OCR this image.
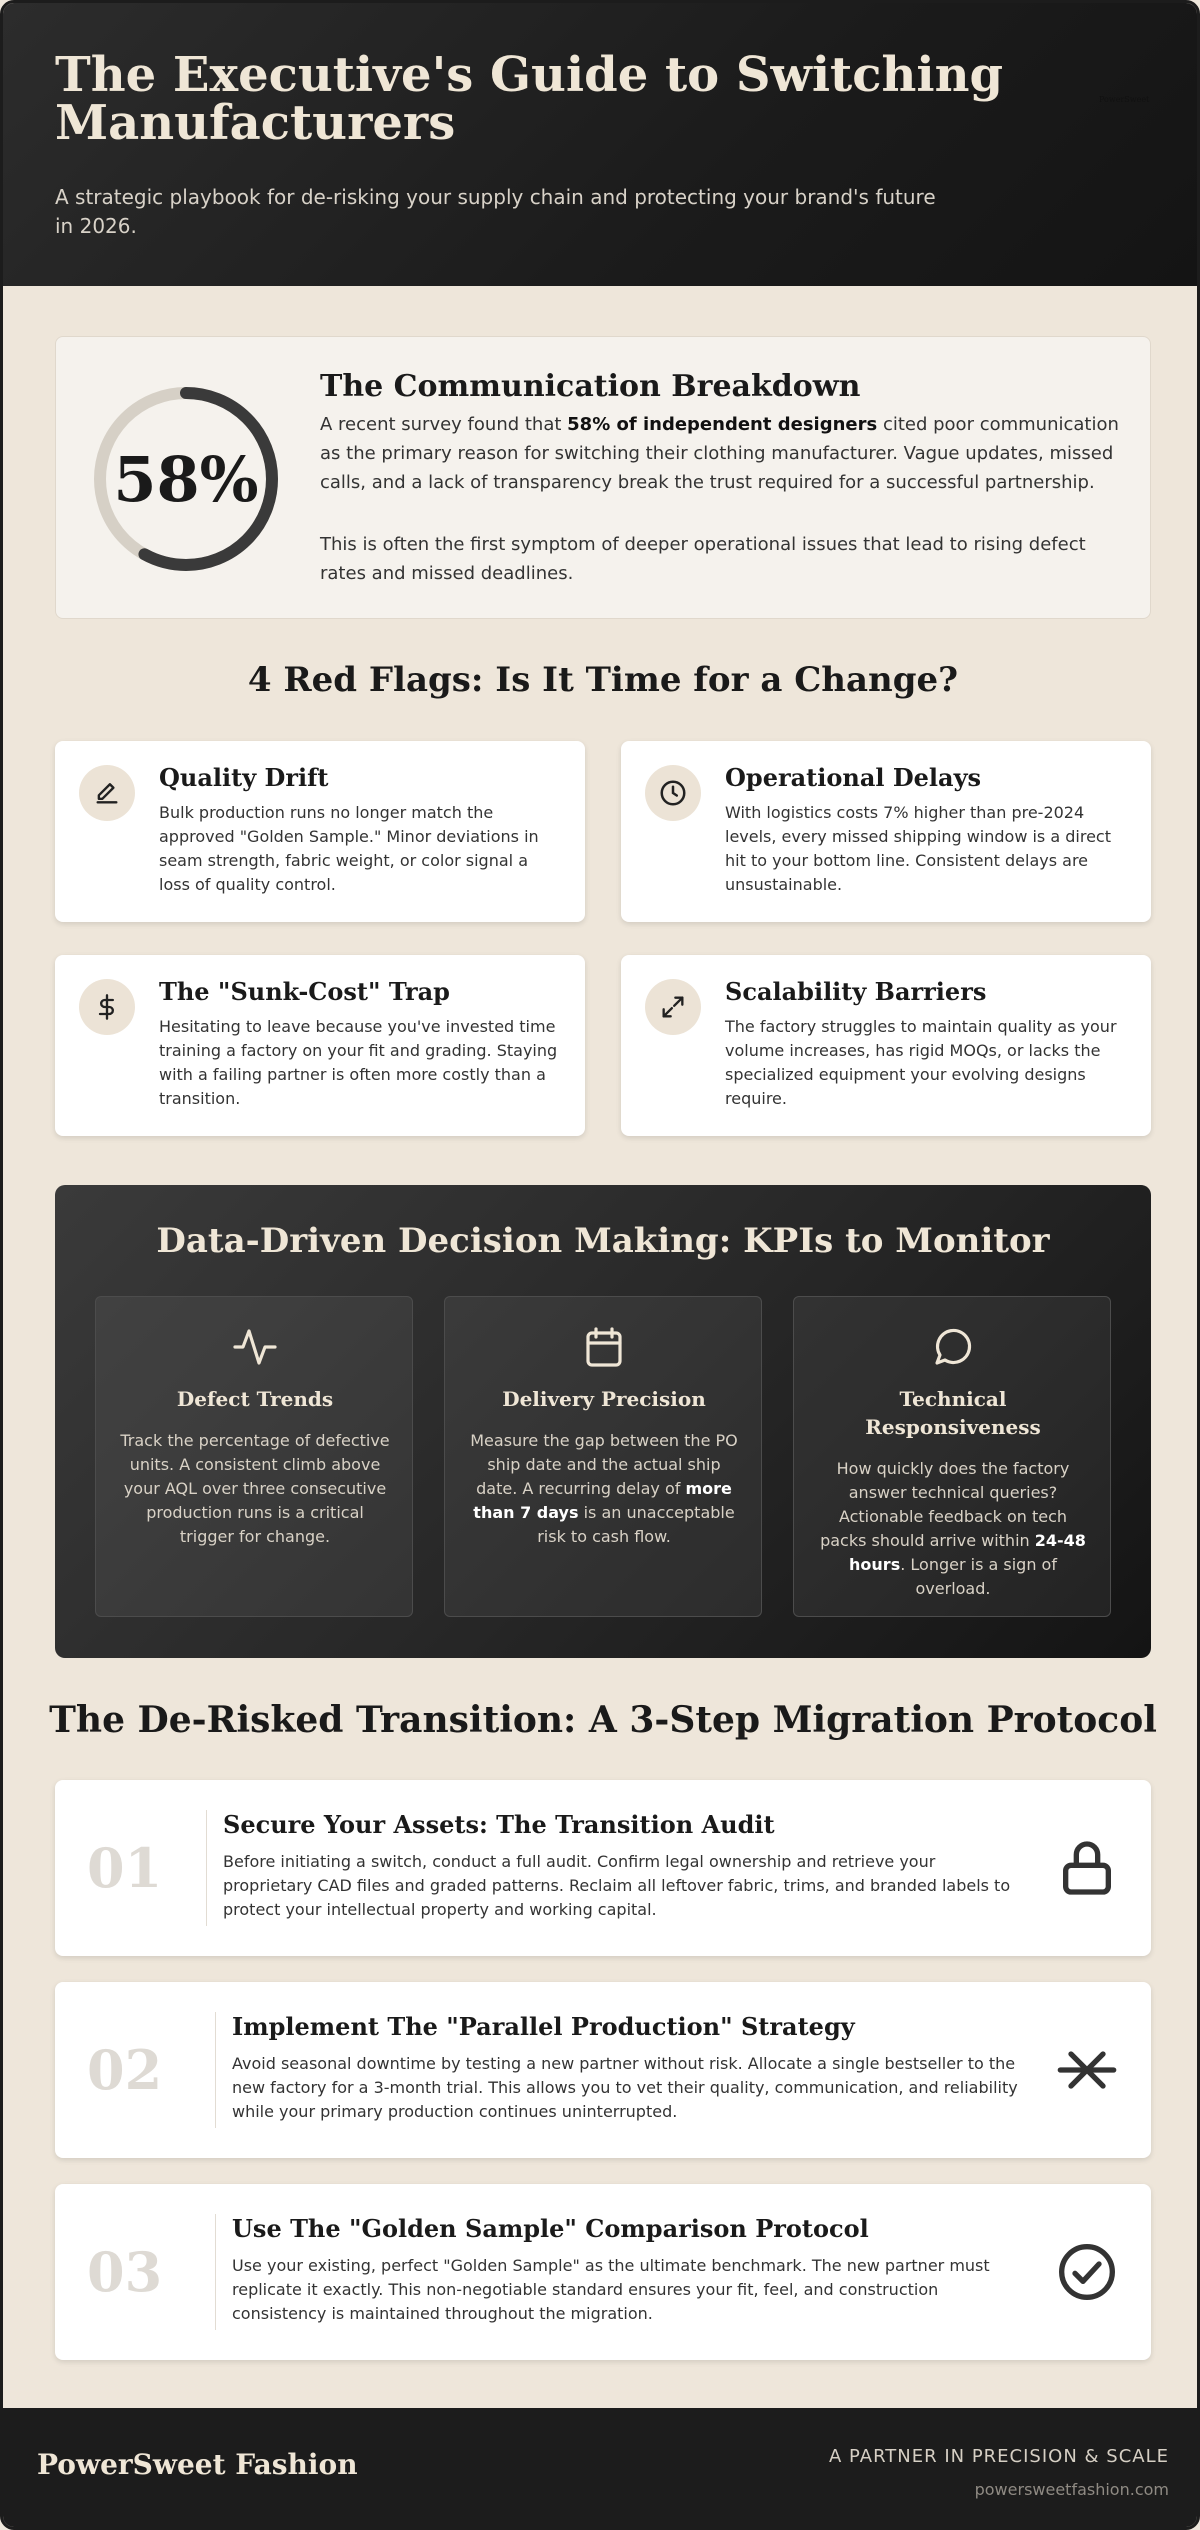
The Executive's Guide to Switching Manufacturers

A strategic playbook for de-risking your supply chain and protecting your brand's future in 2026.

PowerSweet
58%
The Communication Breakdown

A recent survey found that 58% of independent designers cited poor communication as the primary reason for switching their clothing manufacturer. Vague updates, missed calls, and a lack of transparency break the trust required for a successful partnership.

This is often the first symptom of deeper operational issues that lead to rising defect rates and missed deadlines.

4 Red Flags: Is It Time for a Change?
Quality Drift

Bulk production runs no longer match the approved "Golden Sample." Minor deviations in seam strength, fabric weight, or color signal a loss of quality control.

Operational Delays

With logistics costs 7% higher than pre-2024 levels, every missed shipping window is a direct hit to your bottom line. Consistent delays are unsustainable.

The "Sunk-Cost" Trap

Hesitating to leave because you've invested time training a factory on your fit and grading. Staying with a failing partner is often more costly than a transition.

Scalability Barriers

The factory struggles to maintain quality as your volume increases, has rigid MOQs, or lacks the specialized equipment your evolving designs require.

Data-Driven Decision Making: KPIs to Monitor
Defect Trends

Track the percentage of defective units. A consistent climb above your AQL over three consecutive production runs is a critical trigger for change.

Delivery Precision

Measure the gap between the PO ship date and the actual ship date. A recurring delay of more than 7 days is an unacceptable risk to cash flow.

Technical Responsiveness

How quickly does the factory answer technical queries? Actionable feedback on tech packs should arrive within 24-48 hours. Longer is a sign of overload.

The De-Risked Transition: A 3-Step Migration Protocol
01
Secure Your Assets: The Transition Audit

Before initiating a switch, conduct a full audit. Confirm legal ownership and retrieve your proprietary CAD files and graded patterns. Reclaim all leftover fabric, trims, and branded labels to protect your intellectual property and working capital.

02
Implement The "Parallel Production" Strategy

Avoid seasonal downtime by testing a new partner without risk. Allocate a single bestseller to the new factory for a 3-month trial. This allows you to vet their quality, communication, and reliability while your primary production continues uninterrupted.

03
Use The "Golden Sample" Comparison Protocol

Use your existing, perfect "Golden Sample" as the ultimate benchmark. The new partner must replicate it exactly. This non-negotiable standard ensures your fit, feel, and construction consistency is maintained throughout the migration.

PowerSweet Fashion	A PARTNER IN PRECISION & SCALE
powersweetfashion.com
